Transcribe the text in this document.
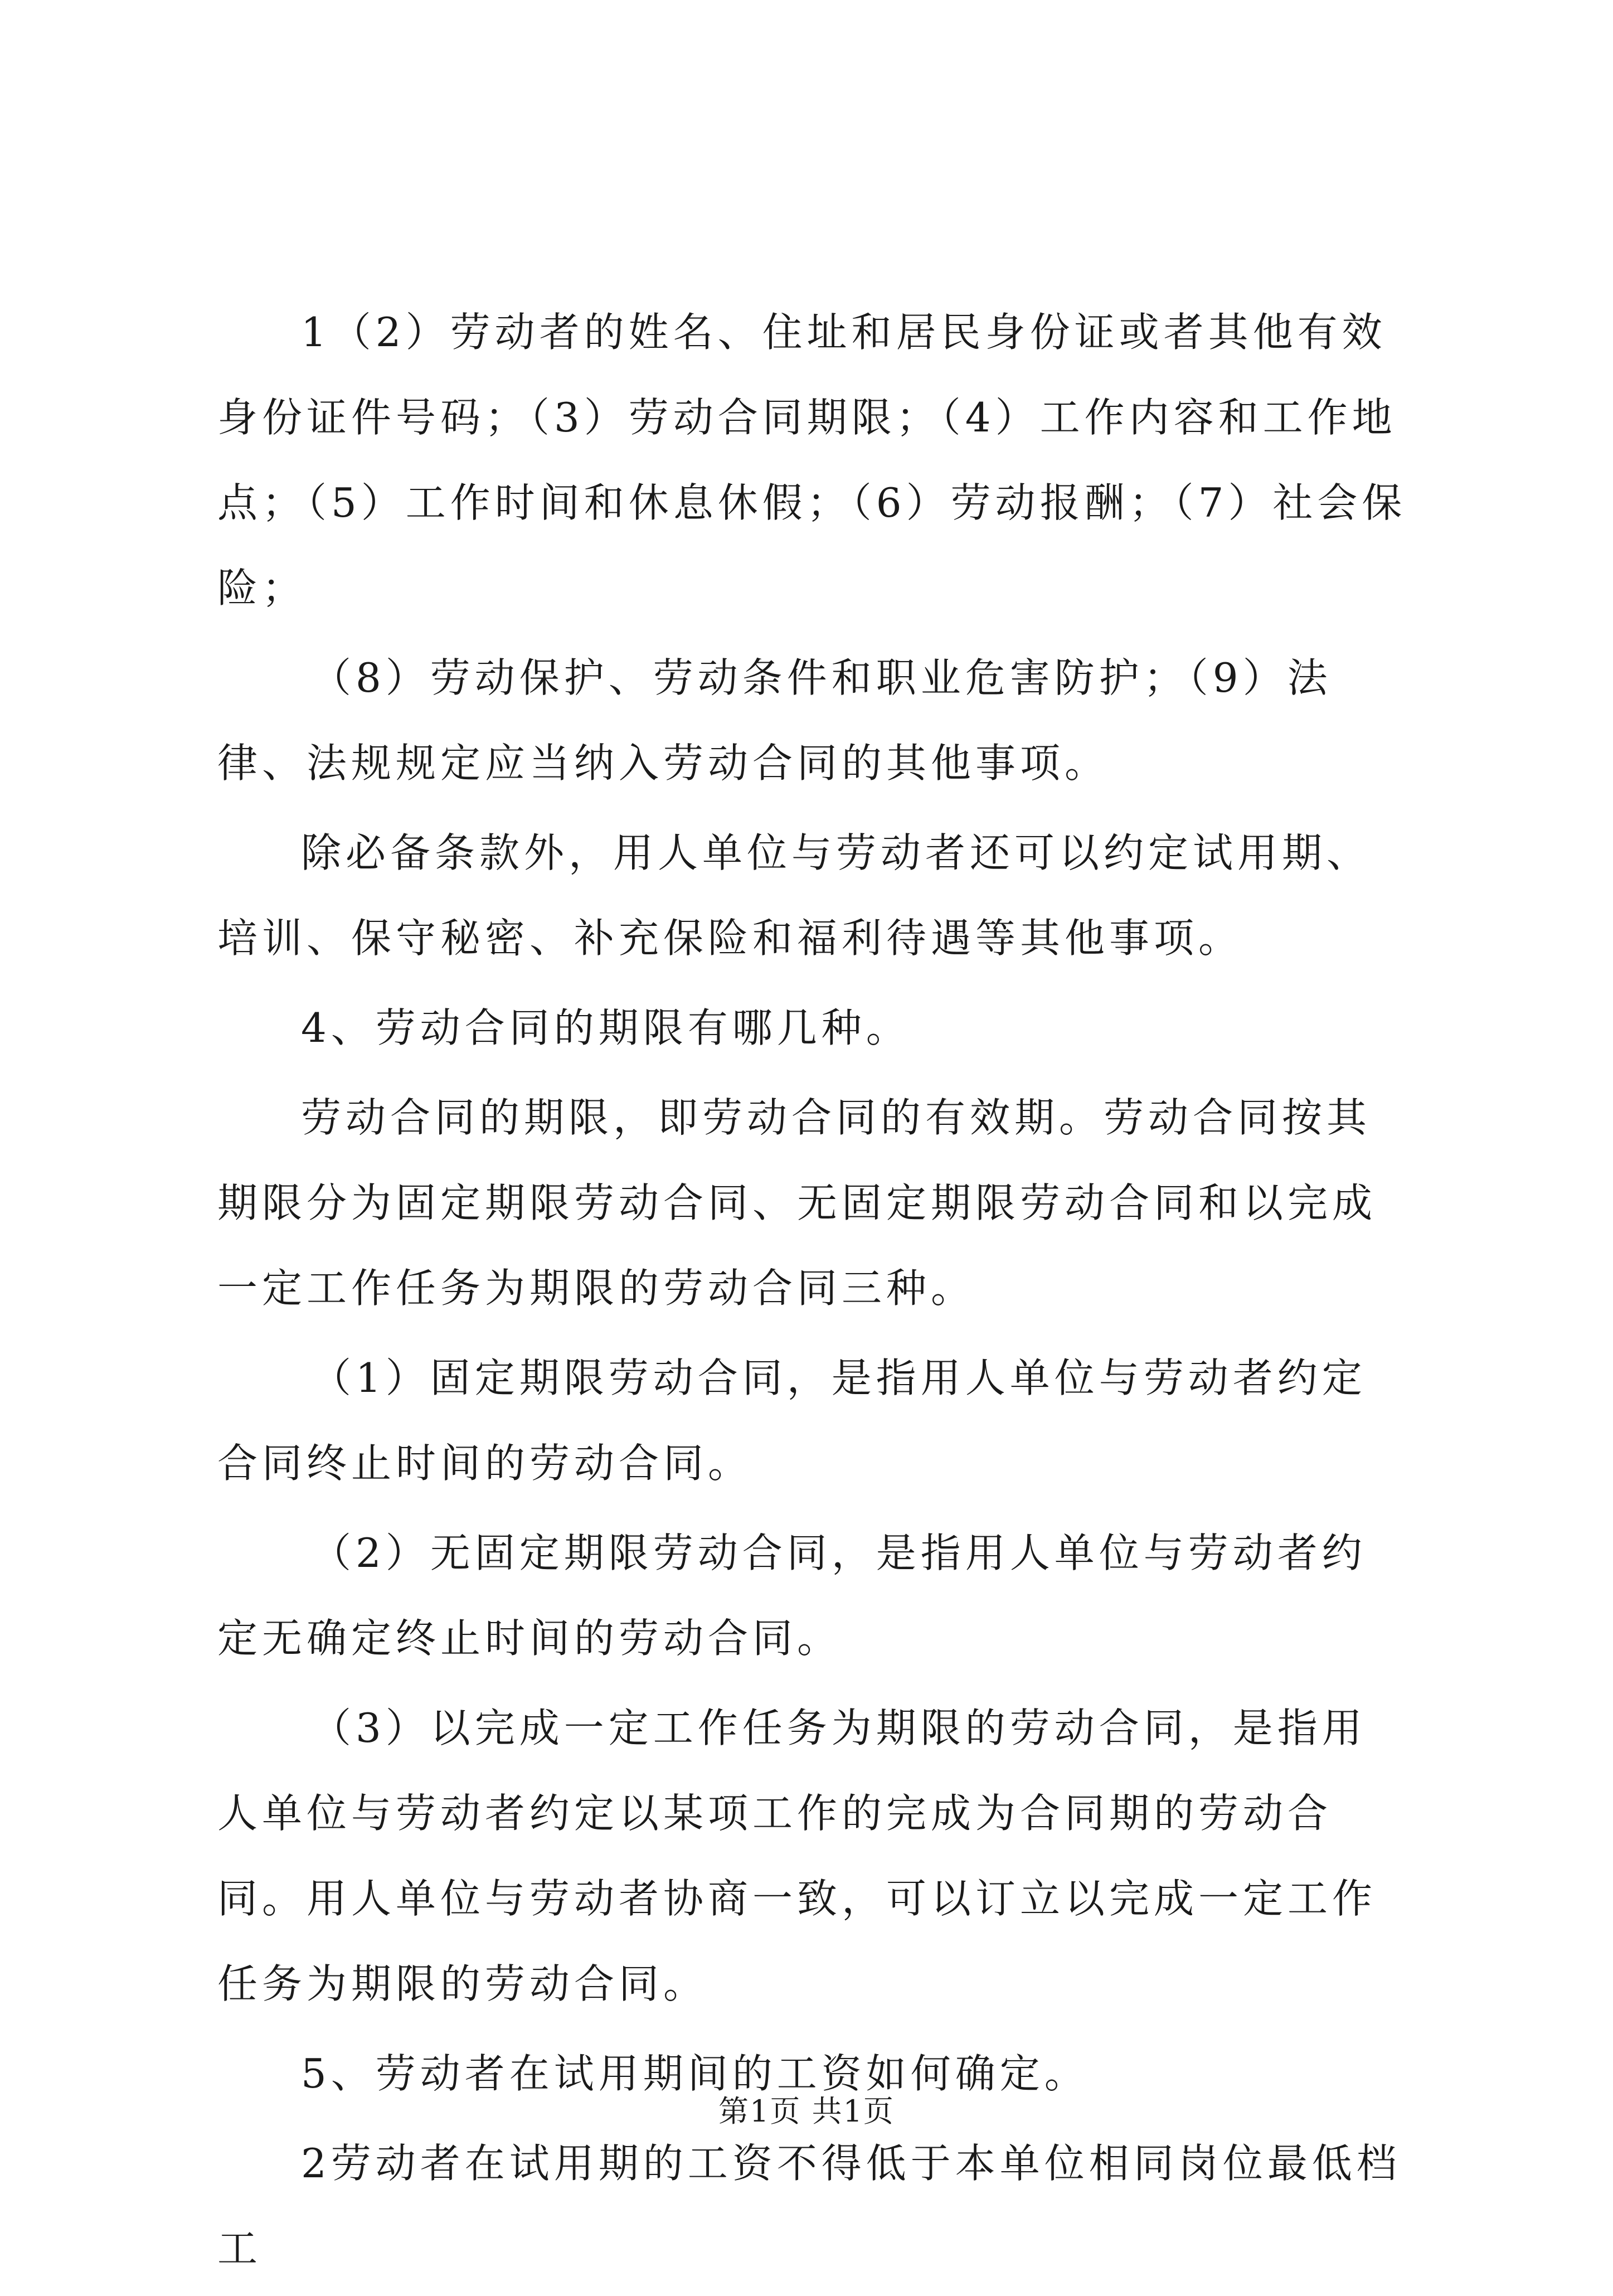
1（2）劳动者的姓名、住址和居民身份证或者其他有效身份证件号码；（3）劳动合同期限；（4）工作内容和工作地点；（5）工作时间和休息休假；（6）劳动报酬；（7）社会保险；

（8）劳动保护、劳动条件和职业危害防护；（9）法律、法规规定应当纳入劳动合同的其他事项。

除必备条款外，用人单位与劳动者还可以约定试用期、培训、保守秘密、补充保险和福利待遇等其他事项。

4、劳动合同的期限有哪几种。

劳动合同的期限，即劳动合同的有效期。劳动合同按其期限分为固定期限劳动合同、无固定期限劳动合同和以完成一定工作任务为期限的劳动合同三种。

（1）固定期限劳动合同，是指用人单位与劳动者约定合同终止时间的劳动合同。

（2）无固定期限劳动合同，是指用人单位与劳动者约定无确定终止时间的劳动合同。

（3）以完成一定工作任务为期限的劳动合同，是指用人单位与劳动者约定以某项工作的完成为合同期的劳动合同。用人单位与劳动者协商一致，可以订立以完成一定工作任务为期限的劳动合同。

5、劳动者在试用期间的工资如何确定。

2劳动者在试用期的工资不得低于本单位相同岗位最低档工

第1页 共1页
